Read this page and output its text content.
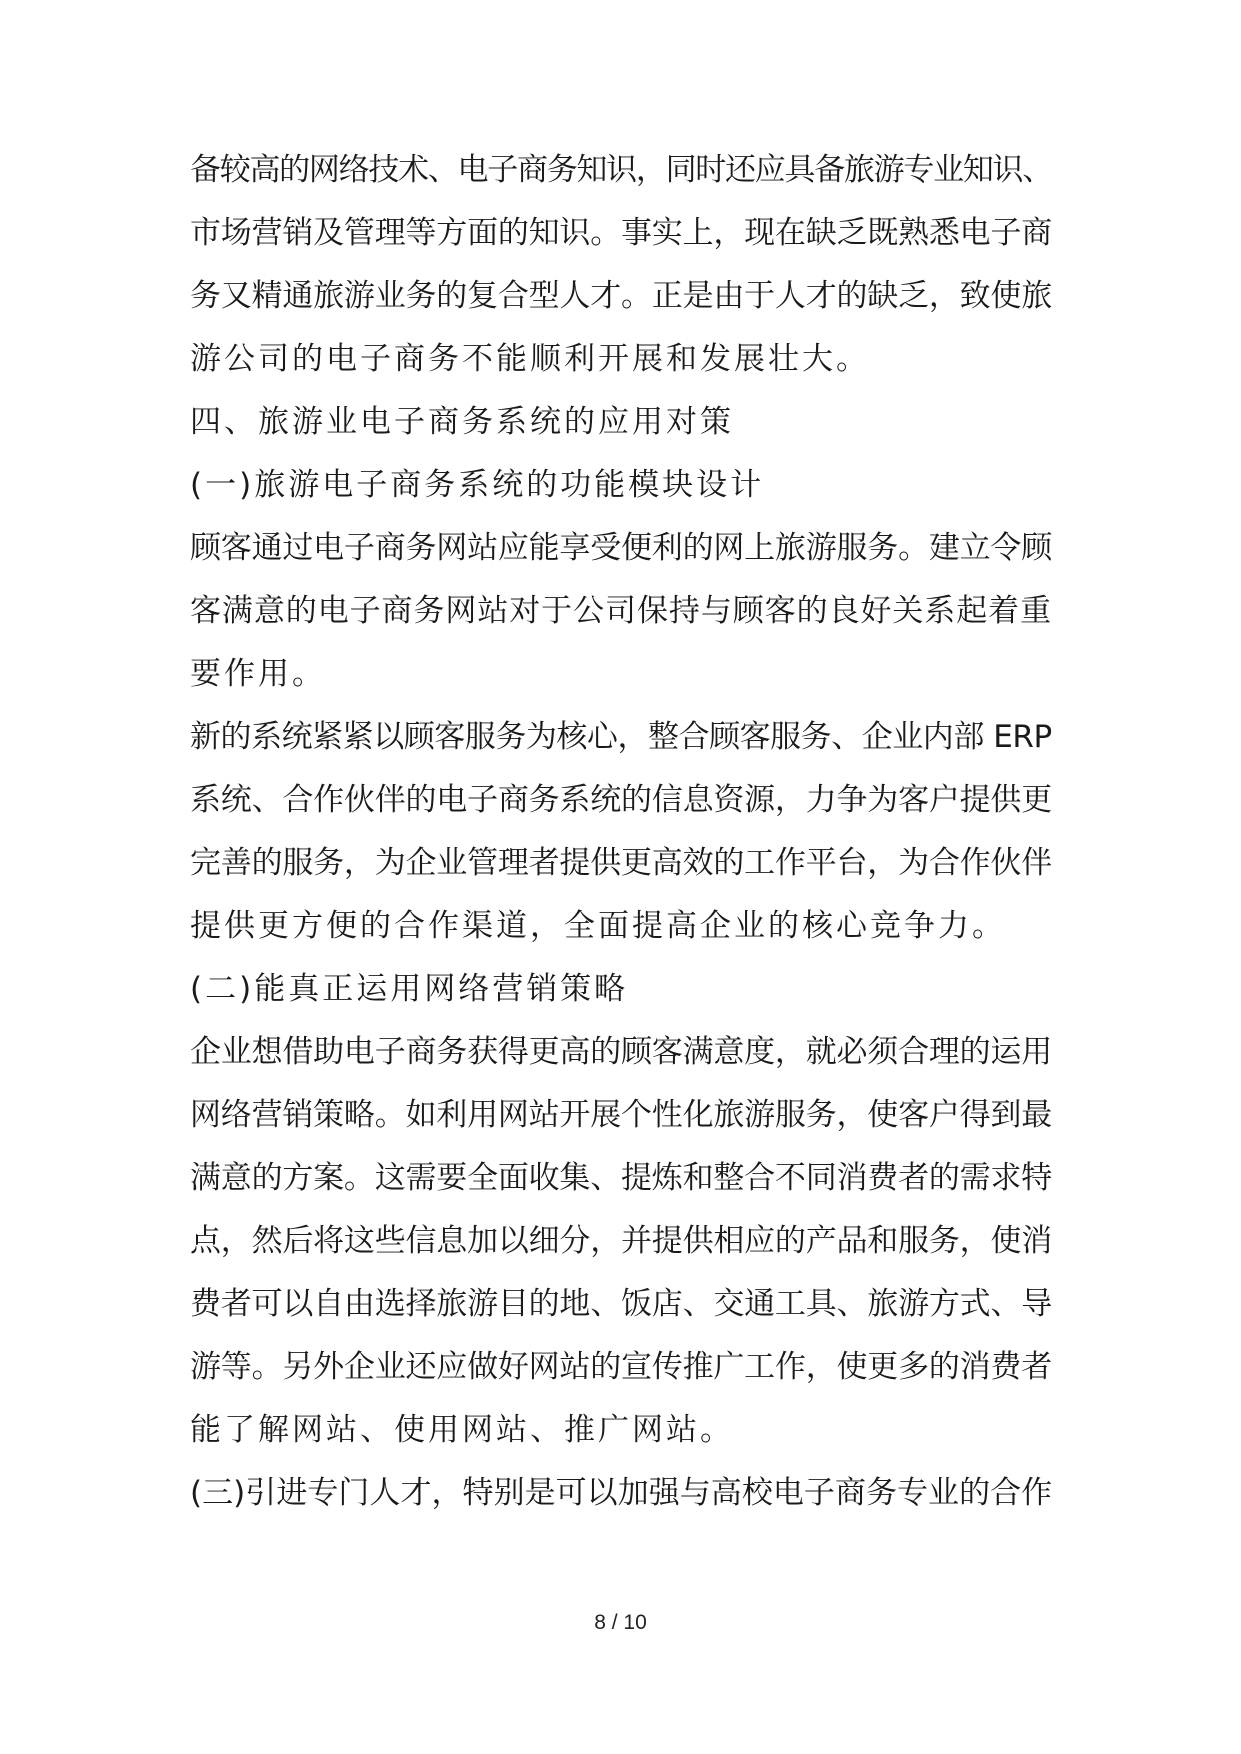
备较高的网络技术、电子商务知识，同时还应具备旅游专业知识、
市场营销及管理等方面的知识。事实上，现在缺乏既熟悉电子商
务又精通旅游业务的复合型人才。正是由于人才的缺乏，致使旅
游公司的电子商务不能顺利开展和发展壮大。
四、旅游业电子商务系统的应用对策
(一)旅游电子商务系统的功能模块设计
顾客通过电子商务网站应能享受便利的网上旅游服务。建立令顾
客满意的电子商务网站对于公司保持与顾客的良好关系起着重
要作用。
新的系统紧紧以顾客服务为核心，整合顾客服务、企业内部 ERP
系统、合作伙伴的电子商务系统的信息资源，力争为客户提供更
完善的服务，为企业管理者提供更高效的工作平台，为合作伙伴
提供更方便的合作渠道，全面提高企业的核心竞争力。
(二)能真正运用网络营销策略
企业想借助电子商务获得更高的顾客满意度，就必须合理的运用
网络营销策略。如利用网站开展个性化旅游服务，使客户得到最
满意的方案。这需要全面收集、提炼和整合不同消费者的需求特
点，然后将这些信息加以细分，并提供相应的产品和服务，使消
费者可以自由选择旅游目的地、饭店、交通工具、旅游方式、导
游等。另外企业还应做好网站的宣传推广工作，使更多的消费者
能了解网站、使用网站、推广网站。
(三)引进专门人才，特别是可以加强与高校电子商务专业的合作
8 / 10
